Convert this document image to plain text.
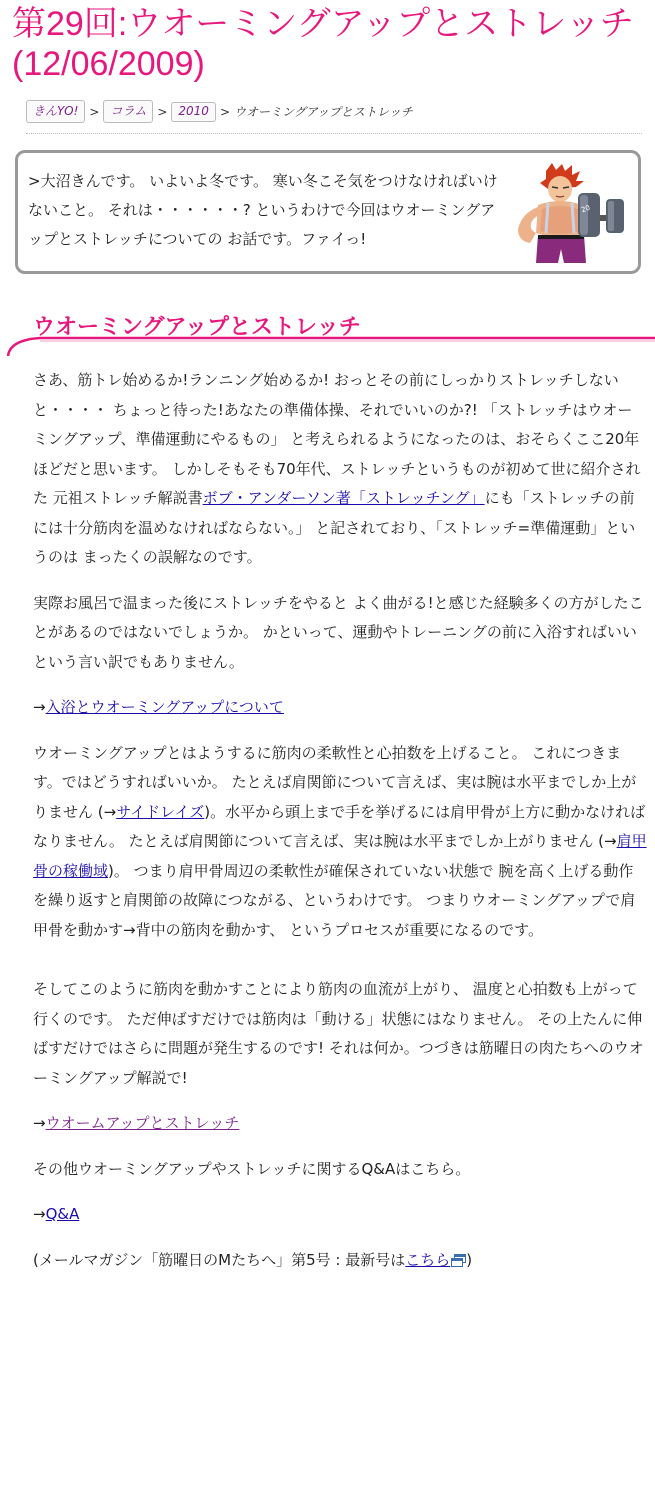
第29回:ウオーミングアップとストレッチ(12/06/2009)
きんYO! > コラム > 2010 > ウオーミングアップとストレッチ
>大沼きんです。 いよいよ冬です。 寒い冬こそ気をつけなければいけないこと。 それは・・・・・・? というわけで今回はウオーミングアップとストレッチについての お話です。ファイっ!
20
ウオーミングアップとストレッチ

さあ、筋トレ始めるか!ランニング始めるか! おっとその前にしっかりストレッチしないと・・・・ ちょっと待った!あなたの準備体操、それでいいのか?! 「ストレッチはウオーミングアップ、準備運動にやるもの」 と考えられるようになったのは、おそらくここ20年ほどだと思います。 しかしそもそも70年代、ストレッチというものが初めて世に紹介された 元祖ストレッチ解説書ボブ・アンダーソン著「ストレッチング」にも「ストレッチの前には十分筋肉を温めなければならない。」 と記されており、「ストレッチ=準備運動」というのは まったくの誤解なのです。

実際お風呂で温まった後にストレッチをやると よく曲がる!と感じた経験多くの方がしたことがあるのではないでしょうか。 かといって、運動やトレーニングの前に入浴すればいいという言い訳でもありません。

→入浴とウオーミングアップについて

ウオーミングアップとはようするに筋肉の柔軟性と心拍数を上げること。 これにつきます。ではどうすればいいか。 たとえば肩関節について言えば、実は腕は水平までしか上がりません (→サイドレイズ)。水平から頭上まで手を挙げるには肩甲骨が上方に動かなければなりません。 たとえば肩関節について言えば、実は腕は水平までしか上がりません (→肩甲骨の稼働域)。 つまり肩甲骨周辺の柔軟性が確保されていない状態で 腕を高く上げる動作を繰り返すと肩関節の故障につながる、というわけです。 つまりウオーミングアップで肩甲骨を動かす→背中の筋肉を動かす、 というプロセスが重要になるのです。

そしてこのように筋肉を動かすことにより筋肉の血流が上がり、 温度と心拍数も上がって行くのです。 ただ伸ばすだけでは筋肉は「動ける」状態にはなりません。 その上たんに伸ばすだけではさらに問題が発生するのです! それは何か。つづきは筋曜日の肉たちへのウオーミングアップ解説で!

→ウオームアップとストレッチ

その他ウオーミングアップやストレッチに関するQ&Aはこちら。

→Q&A

(メールマガジン「筋曜日のMたちへ」第5号 : 最新号はこちら )
